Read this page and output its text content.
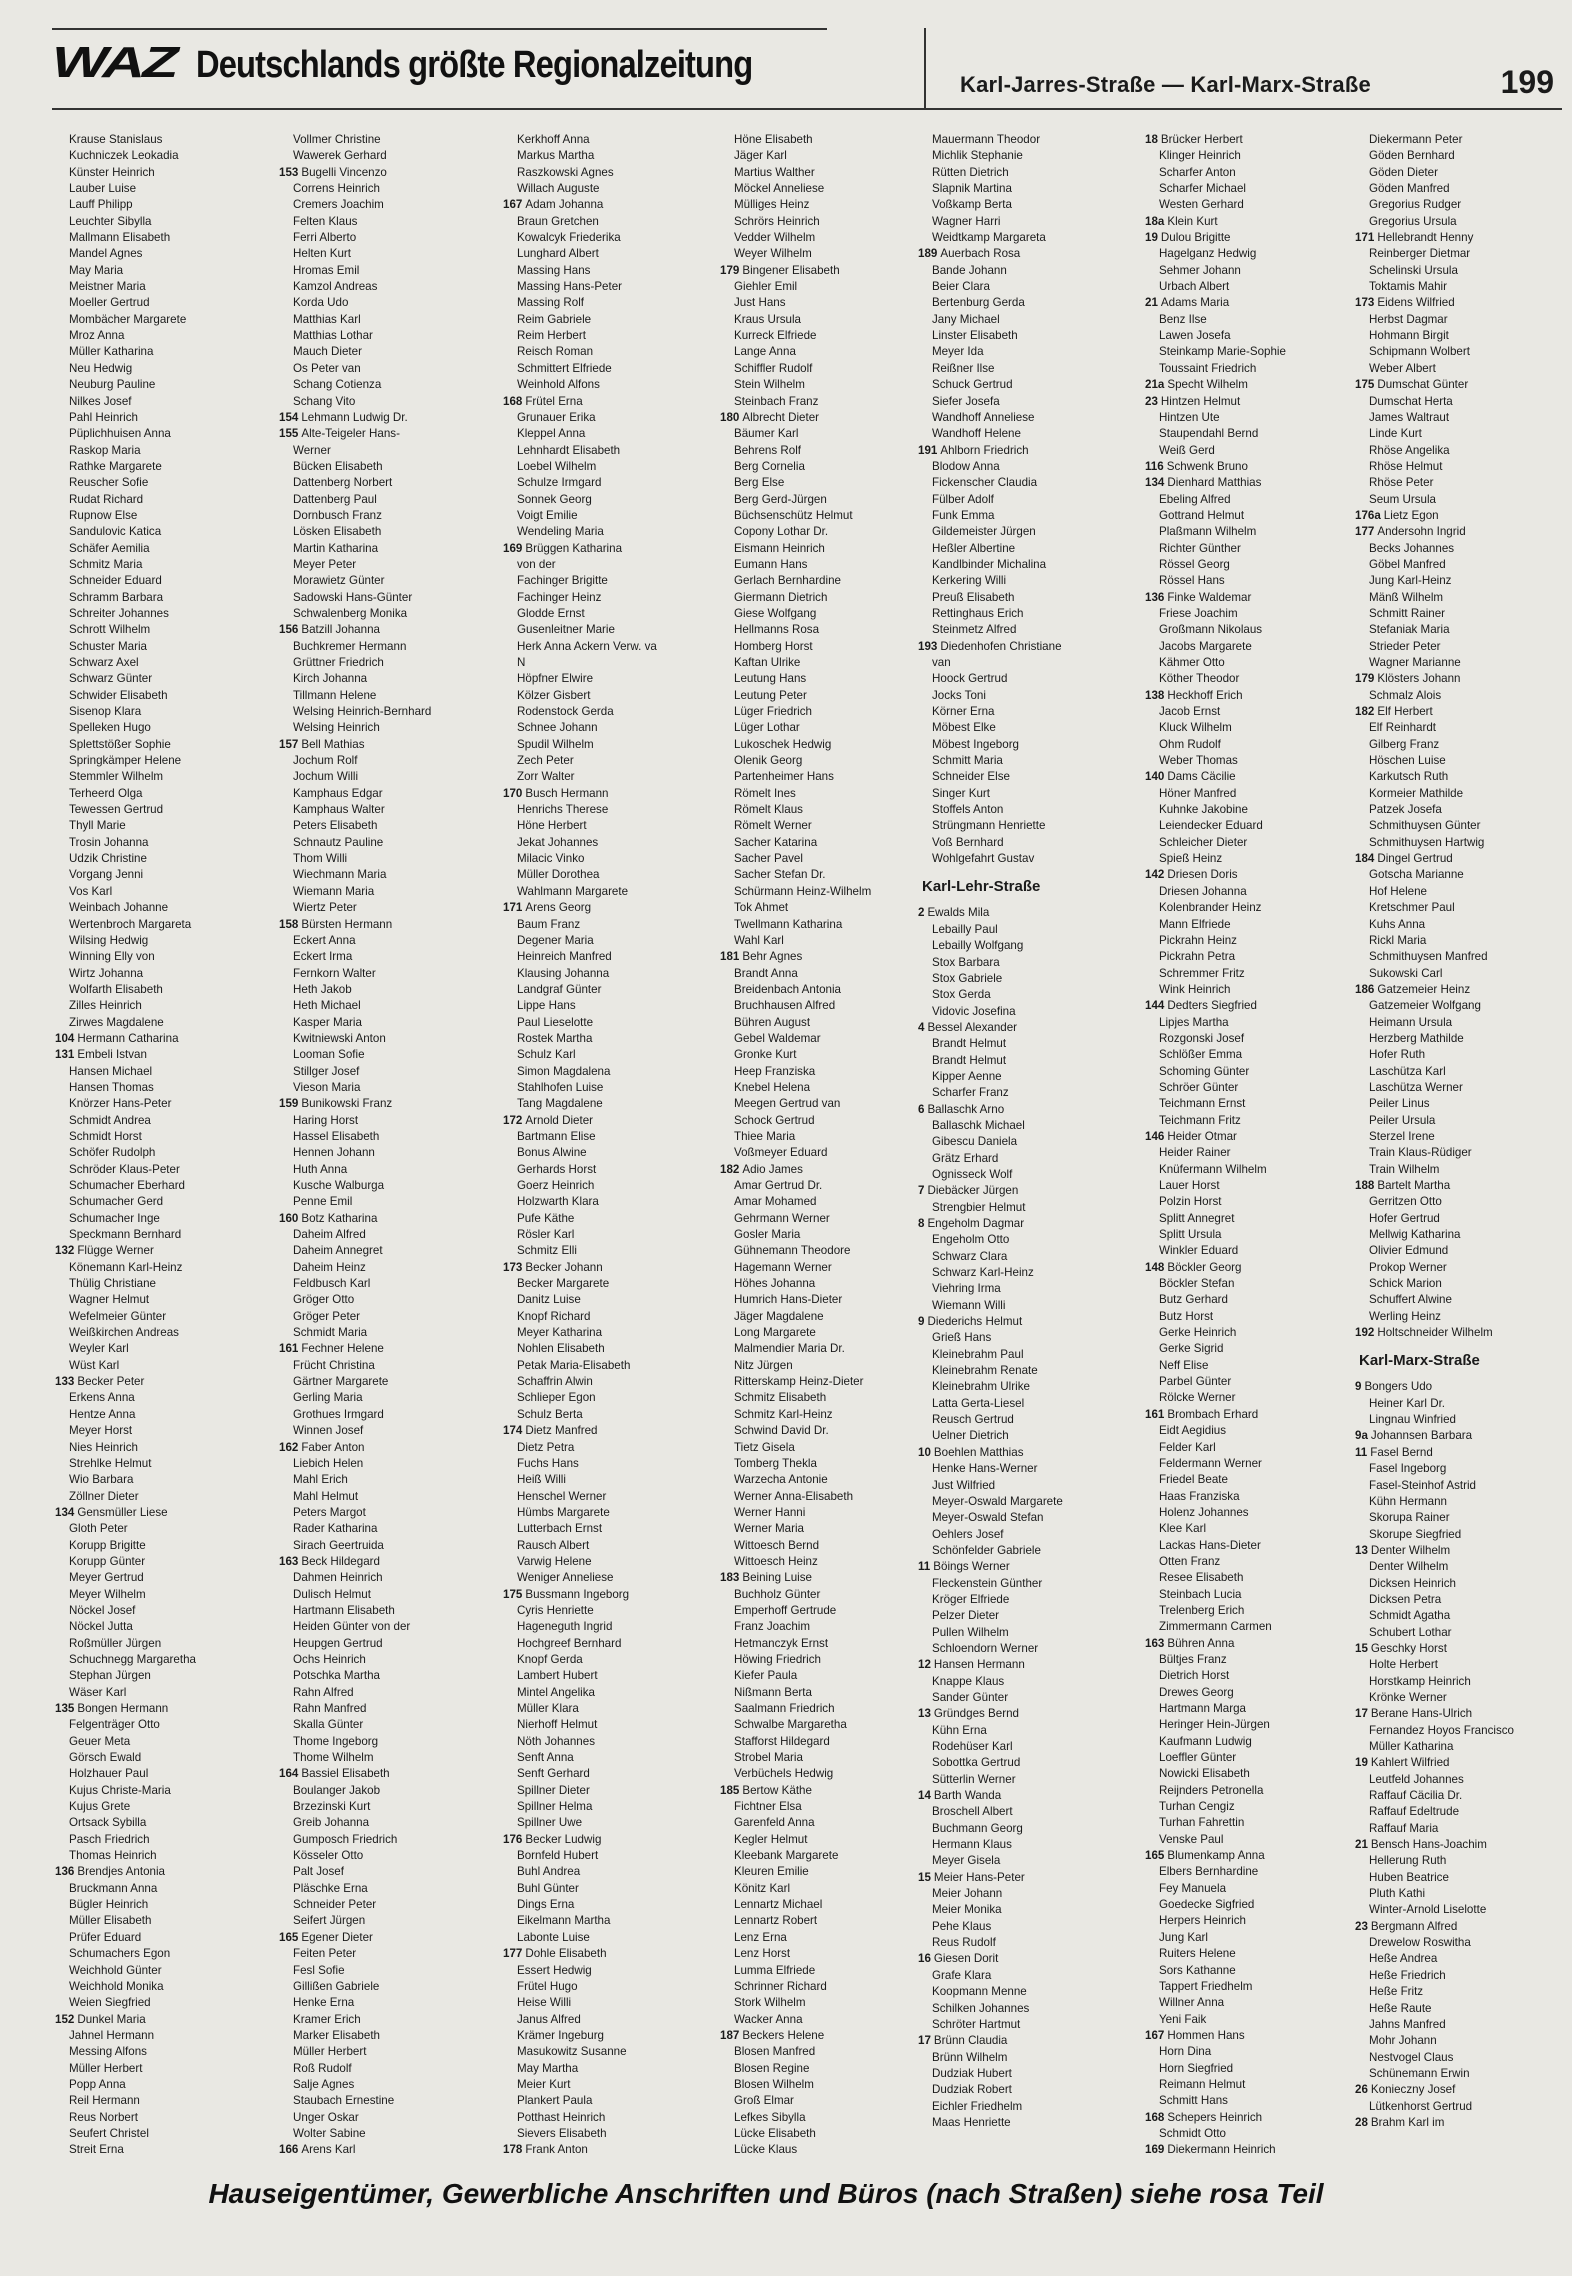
WAZ Deutschlands größte Regionalzeitung	Karl-Jarres-Straße — Karl-Marx-Straße	199
Krause Stanislaus
Kuchniczek Leokadia
Künster Heinrich
Lauber Luise
Lauff Philipp
Leuchter Sibylla
Mallmann Elisabeth
Mandel Agnes
May Maria
Meistner Maria
Moeller Gertrud
Mombächer Margarete
Mroz Anna
Müller Katharina
Neu Hedwig
Neuburg Pauline
Nilkes Josef
Pahl Heinrich
Püplichhuisen Anna
Raskop Maria
Rathke Margarete
Reuscher Sofie
Rudat Richard
Rupnow Else
Sandulovic Katica
Schäfer Aemilia
Schmitz Maria
Schneider Eduard
Schramm Barbara
Schreiter Johannes
Schrott Wilhelm
Schuster Maria
Schwarz Axel
Schwarz Günter
Schwider Elisabeth
Sisenop Klara
Spelleken Hugo
Splettstößer Sophie
Springkämper Helene
Stemmler Wilhelm
Terheerd Olga
Tewessen Gertrud
Thyll Marie
Trosin Johanna
Udzik Christine
Vorgang Jenni
Vos Karl
Weinbach Johanne
Wertenbroch Margareta
Wilsing Hedwig
Winning Elly von
Wirtz Johanna
Wolfarth Elisabeth
Zilles Heinrich
Zirwes Magdalene
104 Hermann Catharina
131 Embeli Istvan
Hansen Michael
Hansen Thomas
Knörzer Hans-Peter
Schmidt Andrea
Schmidt Horst
Schöfer Rudolph
Schröder Klaus-Peter
Schumacher Eberhard
Schumacher Gerd
Schumacher Inge
Speckmann Bernhard
132 Flügge Werner
Könemann Karl-Heinz
Thülig Christiane
Wagner Helmut
Wefelmeier Günter
Weißkirchen Andreas
Weyler Karl
Wüst Karl
133 Becker Peter
Erkens Anna
Hentze Anna
Meyer Horst
Nies Heinrich
Strehlke Helmut
Wio Barbara
Zöllner Dieter
134 Gensmüller Liese
Gloth Peter
Korupp Brigitte
Korupp Günter
Meyer Gertrud
Meyer Wilhelm
Nöckel Josef
Nöckel Jutta
Roßmüller Jürgen
Schuchnegg Margaretha
Stephan Jürgen
Wäser Karl
135 Bongen Hermann
Felgenträger Otto
Geuer Meta
Görsch Ewald
Holzhauer Paul
Kujus Christe-Maria
Kujus Grete
Ortsack Sybilla
Pasch Friedrich
Thomas Heinrich
136 Brendjes Antonia
Bruckmann Anna
Bügler Heinrich
Müller Elisabeth
Prüfer Eduard
Schumachers Egon
Weichhold Günter
Weichhold Monika
Weien Siegfried
152 Dunkel Maria
Jahnel Hermann
Messing Alfons
Müller Herbert
Popp Anna
Reil Hermann
Reus Norbert
Seufert Christel
Streit Erna
Vollmer Christine
Wawerek Gerhard
153 Bugelli Vincenzo
Correns Heinrich
Cremers Joachim
Felten Klaus
Ferri Alberto
Helten Kurt
Hromas Emil
Kamzol Andreas
Korda Udo
Matthias Karl
Matthias Lothar
Mauch Dieter
Os Peter van
Schang Cotienza
Schang Vito
154 Lehmann Ludwig Dr.
155 Alte-Teigeler Hans-
Werner
Bücken Elisabeth
Dattenberg Norbert
Dattenberg Paul
Dornbusch Franz
Lösken Elisabeth
Martin Katharina
Meyer Peter
Morawietz Günter
Sadowski Hans-Günter
Schwalenberg Monika
156 Batzill Johanna
Buchkremer Hermann
Grüttner Friedrich
Kirch Johanna
Tillmann Helene
Welsing Heinrich-Bernhard
Welsing Heinrich
157 Bell Mathias
Jochum Rolf
Jochum Willi
Kamphaus Edgar
Kamphaus Walter
Peters Elisabeth
Schnautz Pauline
Thom Willi
Wiechmann Maria
Wiemann Maria
Wiertz Peter
158 Bürsten Hermann
Eckert Anna
Eckert Irma
Fernkorn Walter
Heth Jakob
Heth Michael
Kasper Maria
Kwitniewski Anton
Looman Sofie
Stillger Josef
Vieson Maria
159 Bunikowski Franz
Haring Horst
Hassel Elisabeth
Hennen Johann
Huth Anna
Kusche Walburga
Penne Emil
160 Botz Katharina
Daheim Alfred
Daheim Annegret
Daheim Heinz
Feldbusch Karl
Gröger Otto
Gröger Peter
Schmidt Maria
161 Fechner Helene
Frücht Christina
Gärtner Margarete
Gerling Maria
Grothues Irmgard
Winnen Josef
162 Faber Anton
Liebich Helen
Mahl Erich
Mahl Helmut
Peters Margot
Rader Katharina
Sirach Geertruida
163 Beck Hildegard
Dahmen Heinrich
Dulisch Helmut
Hartmann Elisabeth
Heiden Günter von der
Heupgen Gertrud
Ochs Heinrich
Potschka Martha
Rahn Alfred
Rahn Manfred
Skalla Günter
Thome Ingeborg
Thome Wilhelm
164 Bassiel Elisabeth
Boulanger Jakob
Brzezinski Kurt
Greib Johanna
Gumposch Friedrich
Kösseler Otto
Palt Josef
Pläschke Erna
Schneider Peter
Seifert Jürgen
165 Egener Dieter
Feiten Peter
Fesl Sofie
Gillißen Gabriele
Henke Erna
Kramer Erich
Marker Elisabeth
Müller Herbert
Roß Rudolf
Salje Agnes
Staubach Ernestine
Unger Oskar
Wolter Sabine
166 Arens Karl
Kerkhoff Anna
Markus Martha
Raszkowski Agnes
Willach Auguste
167 Adam Johanna
Braun Gretchen
Kowalcyk Friederika
Lunghard Albert
Massing Hans
Massing Hans-Peter
Massing Rolf
Reim Gabriele
Reim Herbert
Reisch Roman
Schmittert Elfriede
Weinhold Alfons
168 Frütel Erna
Grunauer Erika
Kleppel Anna
Lehnhardt Elisabeth
Loebel Wilhelm
Schulze Irmgard
Sonnek Georg
Voigt Emilie
Wendeling Maria
169 Brüggen Katharina
von der
Fachinger Brigitte
Fachinger Heinz
Glodde Ernst
Gusenleitner Marie
Herk Anna Ackern Verw. va
N
Höpfner Elwire
Kölzer Gisbert
Rodenstock Gerda
Schnee Johann
Spudil Wilhelm
Zech Peter
Zorr Walter
170 Busch Hermann
Henrichs Therese
Höne Herbert
Jekat Johannes
Milacic Vinko
Müller Dorothea
Wahlmann Margarete
171 Arens Georg
Baum Franz
Degener Maria
Heinreich Manfred
Klausing Johanna
Landgraf Günter
Lippe Hans
Paul Lieselotte
Rostek Martha
Schulz Karl
Simon Magdalena
Stahlhofen Luise
Tang Magdalene
172 Arnold Dieter
Bartmann Elise
Bonus Alwine
Gerhards Horst
Goerz Heinrich
Holzwarth Klara
Pufe Käthe
Rösler Karl
Schmitz Elli
173 Becker Johann
Becker Margarete
Danitz Luise
Knopf Richard
Meyer Katharina
Nohlen Elisabeth
Petak Maria-Elisabeth
Schaffrin Alwin
Schlieper Egon
Schulz Berta
174 Dietz Manfred
Dietz Petra
Fuchs Hans
Heiß Willi
Henschel Werner
Hümbs Margarete
Lutterbach Ernst
Rausch Albert
Varwig Helene
Weniger Anneliese
175 Bussmann Ingeborg
Cyris Henriette
Hageneguth Ingrid
Hochgreef Bernhard
Knopf Gerda
Lambert Hubert
Mintel Angelika
Müller Klara
Nierhoff Helmut
Nöth Johannes
Senft Anna
Senft Gerhard
Spillner Dieter
Spillner Helma
Spillner Uwe
176 Becker Ludwig
Bornfeld Hubert
Buhl Andrea
Buhl Günter
Dings Erna
Eikelmann Martha
Labonte Luise
177 Dohle Elisabeth
Essert Hedwig
Frütel Hugo
Heise Willi
Janus Alfred
Krämer Ingeburg
Masukowitz Susanne
May Martha
Meier Kurt
Plankert Paula
Potthast Heinrich
Sievers Elisabeth
178 Frank Anton
Höne Elisabeth
Jäger Karl
Martius Walther
Möckel Anneliese
Mülliges Heinz
Schrörs Heinrich
Vedder Wilhelm
Weyer Wilhelm
179 Bingener Elisabeth
Giehler Emil
Just Hans
Kraus Ursula
Kurreck Elfriede
Lange Anna
Schiffler Rudolf
Stein Wilhelm
Steinbach Franz
180 Albrecht Dieter
Bäumer Karl
Behrens Rolf
Berg Cornelia
Berg Else
Berg Gerd-Jürgen
Büchsenschütz Helmut
Copony Lothar Dr.
Eismann Heinrich
Eumann Hans
Gerlach Bernhardine
Giermann Dietrich
Giese Wolfgang
Hellmanns Rosa
Homberg Horst
Kaftan Ulrike
Leutung Hans
Leutung Peter
Lüger Friedrich
Lüger Lothar
Lukoschek Hedwig
Olenik Georg
Partenheimer Hans
Römelt Ines
Römelt Klaus
Römelt Werner
Sacher Katarina
Sacher Pavel
Sacher Stefan Dr.
Schürmann Heinz-Wilhelm
Tok Ahmet
Twellmann Katharina
Wahl Karl
181 Behr Agnes
Brandt Anna
Breidenbach Antonia
Bruchhausen Alfred
Bühren August
Gebel Waldemar
Gronke Kurt
Heep Franziska
Knebel Helena
Meegen Gertrud van
Schock Gertrud
Thiee Maria
Voßmeyer Eduard
182 Adio James
Amar Gertrud Dr.
Amar Mohamed
Gehrmann Werner
Gosler Maria
Gühnemann Theodore
Hagemann Werner
Höhes Johanna
Humrich Hans-Dieter
Jäger Magdalene
Long Margarete
Malmendier Maria Dr.
Nitz Jürgen
Ritterskamp Heinz-Dieter
Schmitz Elisabeth
Schmitz Karl-Heinz
Schwind David Dr.
Tietz Gisela
Tomberg Thekla
Warzecha Antonie
Werner Anna-Elisabeth
Werner Hanni
Werner Maria
Wittoesch Bernd
Wittoesch Heinz
183 Beining Luise
Buchholz Günter
Emperhoff Gertrude
Franz Joachim
Hetmanczyk Ernst
Höwing Friedrich
Kiefer Paula
Nißmann Berta
Saalmann Friedrich
Schwalbe Margaretha
Stafforst Hildegard
Strobel Maria
Verbüchels Hedwig
185 Bertow Käthe
Fichtner Elsa
Garenfeld Anna
Kegler Helmut
Kleebank Margarete
Kleuren Emilie
Könitz Karl
Lennartz Michael
Lennartz Robert
Lenz Erna
Lenz Horst
Lumma Elfriede
Schrinner Richard
Stork Wilhelm
Wacker Anna
187 Beckers Helene
Blosen Manfred
Blosen Regine
Blosen Wilhelm
Groß Elmar
Lefkes Sibylla
Lücke Elisabeth
Lücke Klaus
Mauermann Theodor
Michlik Stephanie
Rütten Dietrich
Slapnik Martina
Voßkamp Berta
Wagner Harri
Weidtkamp Margareta
189 Auerbach Rosa
Bande Johann
Beier Clara
Bertenburg Gerda
Jany Michael
Linster Elisabeth
Meyer Ida
Reißner Ilse
Schuck Gertrud
Siefer Josefa
Wandhoff Anneliese
Wandhoff Helene
191 Ahlborn Friedrich
Blodow Anna
Fickenscher Claudia
Fülber Adolf
Funk Emma
Gildemeister Jürgen
Heßler Albertine
Kandlbinder Michalina
Kerkering Willi
Preuß Elisabeth
Rettinghaus Erich
Steinmetz Alfred
193 Diedenhofen Christiane
van
Hoock Gertrud
Jocks Toni
Körner Erna
Möbest Elke
Möbest Ingeborg
Schmitt Maria
Schneider Else
Singer Kurt
Stoffels Anton
Strüngmann Henriette
Voß Bernhard
Wohlgefahrt Gustav
Karl-Lehr-Straße
2 Ewalds Mila
Lebailly Paul
Lebailly Wolfgang
Stox Barbara
Stox Gabriele
Stox Gerda
Vidovic Josefina
4 Bessel Alexander
Brandt Helmut
Brandt Helmut
Kipper Aenne
Scharfer Franz
6 Ballaschk Arno
Ballaschk Michael
Gibescu Daniela
Grätz Erhard
Ognisseck Wolf
7 Diebäcker Jürgen
Strengbier Helmut
8 Engeholm Dagmar
Engeholm Otto
Schwarz Clara
Schwarz Karl-Heinz
Viehring Irma
Wiemann Willi
9 Diederichs Helmut
Grieß Hans
Kleinebrahm Paul
Kleinebrahm Renate
Kleinebrahm Ulrike
Latta Gerta-Liesel
Reusch Gertrud
Uelner Dietrich
10 Boehlen Matthias
Henke Hans-Werner
Just Wilfried
Meyer-Oswald Margarete
Meyer-Oswald Stefan
Oehlers Josef
Schönfelder Gabriele
11 Böings Werner
Fleckenstein Günther
Kröger Elfriede
Pelzer Dieter
Pullen Wilhelm
Schloendorn Werner
12 Hansen Hermann
Knappe Klaus
Sander Günter
13 Gründges Bernd
Kühn Erna
Rodehüser Karl
Sobottka Gertrud
Sütterlin Werner
14 Barth Wanda
Broschell Albert
Buchmann Georg
Hermann Klaus
Meyer Gisela
15 Meier Hans-Peter
Meier Johann
Meier Monika
Pehe Klaus
Reus Rudolf
16 Giesen Dorit
Grafe Klara
Koopmann Menne
Schilken Johannes
Schröter Hartmut
17 Brünn Claudia
Brünn Wilhelm
Dudziak Hubert
Dudziak Robert
Eichler Friedhelm
Maas Henriette
18 Brücker Herbert
Klinger Heinrich
Scharfer Anton
Scharfer Michael
Westen Gerhard
18a Klein Kurt
19 Dulou Brigitte
Hagelganz Hedwig
Sehmer Johann
Urbach Albert
21 Adams Maria
Benz Ilse
Lawen Josefa
Steinkamp Marie-Sophie
Toussaint Friedrich
21a Specht Wilhelm
23 Hintzen Helmut
Hintzen Ute
Staupendahl Bernd
Weiß Gerd
116 Schwenk Bruno
134 Dienhard Matthias
Ebeling Alfred
Gottrand Helmut
Plaßmann Wilhelm
Richter Günther
Rössel Georg
Rössel Hans
136 Finke Waldemar
Friese Joachim
Großmann Nikolaus
Jacobs Margarete
Kähmer Otto
Köther Theodor
138 Heckhoff Erich
Jacob Ernst
Kluck Wilhelm
Ohm Rudolf
Weber Thomas
140 Dams Cäcilie
Höner Manfred
Kuhnke Jakobine
Leiendecker Eduard
Schleicher Dieter
Spieß Heinz
142 Driesen Doris
Driesen Johanna
Kolenbrander Heinz
Mann Elfriede
Pickrahn Heinz
Pickrahn Petra
Schremmer Fritz
Wink Heinrich
144 Dedters Siegfried
Lipjes Martha
Rozgonski Josef
Schlößer Emma
Schoming Günter
Schröer Günter
Teichmann Ernst
Teichmann Fritz
146 Heider Otmar
Heider Rainer
Knüfermann Wilhelm
Lauer Horst
Polzin Horst
Splitt Annegret
Splitt Ursula
Winkler Eduard
148 Böckler Georg
Böckler Stefan
Butz Gerhard
Butz Horst
Gerke Heinrich
Gerke Sigrid
Neff Elise
Parbel Günter
Rölcke Werner
161 Brombach Erhard
Eidt Aegidius
Felder Karl
Feldermann Werner
Friedel Beate
Haas Franziska
Holenz Johannes
Klee Karl
Lackas Hans-Dieter
Otten Franz
Resee Elisabeth
Steinbach Lucia
Trelenberg Erich
Zimmermann Carmen
163 Bühren Anna
Bültjes Franz
Dietrich Horst
Drewes Georg
Hartmann Marga
Heringer Hein-Jürgen
Kaufmann Ludwig
Loeffler Günter
Nowicki Elisabeth
Reijnders Petronella
Turhan Cengiz
Turhan Fahrettin
Venske Paul
165 Blumenkamp Anna
Elbers Bernhardine
Fey Manuela
Goedecke Sigfried
Herpers Heinrich
Jung Karl
Ruiters Helene
Sors Kathanne
Tappert Friedhelm
Willner Anna
Yeni Faik
167 Hommen Hans
Horn Dina
Horn Siegfried
Reimann Helmut
Schmitt Hans
168 Schepers Heinrich
Schmidt Otto
169 Diekermann Heinrich
Diekermann Peter
Göden Bernhard
Göden Dieter
Göden Manfred
Gregorius Rudger
Gregorius Ursula
171 Hellebrandt Henny
Reinberger Dietmar
Schelinski Ursula
Toktamis Mahir
173 Eidens Wilfried
Herbst Dagmar
Hohmann Birgit
Schipmann Wolbert
Weber Albert
175 Dumschat Günter
Dumschat Herta
James Waltraut
Linde Kurt
Rhöse Angelika
Rhöse Helmut
Rhöse Peter
Seum Ursula
176a Lietz Egon
177 Andersohn Ingrid
Becks Johannes
Göbel Manfred
Jung Karl-Heinz
Mänß Wilhelm
Schmitt Rainer
Stefaniak Maria
Strieder Peter
Wagner Marianne
179 Klösters Johann
Schmalz Alois
182 Elf Herbert
Elf Reinhardt
Gilberg Franz
Höschen Luise
Karkutsch Ruth
Kormeier Mathilde
Patzek Josefa
Schmithuysen Günter
Schmithuysen Hartwig
184 Dingel Gertrud
Gotscha Marianne
Hof Helene
Kretschmer Paul
Kuhs Anna
Rickl Maria
Schmithuysen Manfred
Sukowski Carl
186 Gatzemeier Heinz
Gatzemeier Wolfgang
Heimann Ursula
Herzberg Mathilde
Hofer Ruth
Laschütza Karl
Laschütza Werner
Peiler Linus
Peiler Ursula
Sterzel Irene
Train Klaus-Rüdiger
Train Wilhelm
188 Bartelt Martha
Gerritzen Otto
Hofer Gertrud
Mellwig Katharina
Olivier Edmund
Prokop Werner
Schick Marion
Schuffert Alwine
Werling Heinz
192 Holtschneider Wilhelm
Karl-Marx-Straße
9 Bongers Udo
Heiner Karl Dr.
Lingnau Winfried
9a Johannsen Barbara
11 Fasel Bernd
Fasel Ingeborg
Fasel-Steinhof Astrid
Kühn Hermann
Skorupa Rainer
Skorupe Siegfried
13 Denter Wilhelm
Denter Wilhelm
Dicksen Heinrich
Dicksen Petra
Schmidt Agatha
Schubert Lothar
15 Geschky Horst
Holte Herbert
Horstkamp Heinrich
Krönke Werner
17 Berane Hans-Ulrich
Fernandez Hoyos Francisco
Müller Katharina
19 Kahlert Wilfried
Leutfeld Johannes
Raffauf Cäcilia Dr.
Raffauf Edeltrude
Raffauf Maria
21 Bensch Hans-Joachim
Hellerung Ruth
Huben Beatrice
Pluth Kathi
Winter-Arnold Liselotte
23 Bergmann Alfred
Drewelow Roswitha
Heße Andrea
Heße Friedrich
Heße Fritz
Heße Raute
Jahns Manfred
Mohr Johann
Nestvogel Claus
Schünemann Erwin
26 Konieczny Josef
Lütkenhorst Gertrud
28 Brahm Karl im
Hauseigentümer, Gewerbliche Anschriften und Büros (nach Straßen) siehe rosa Teil
